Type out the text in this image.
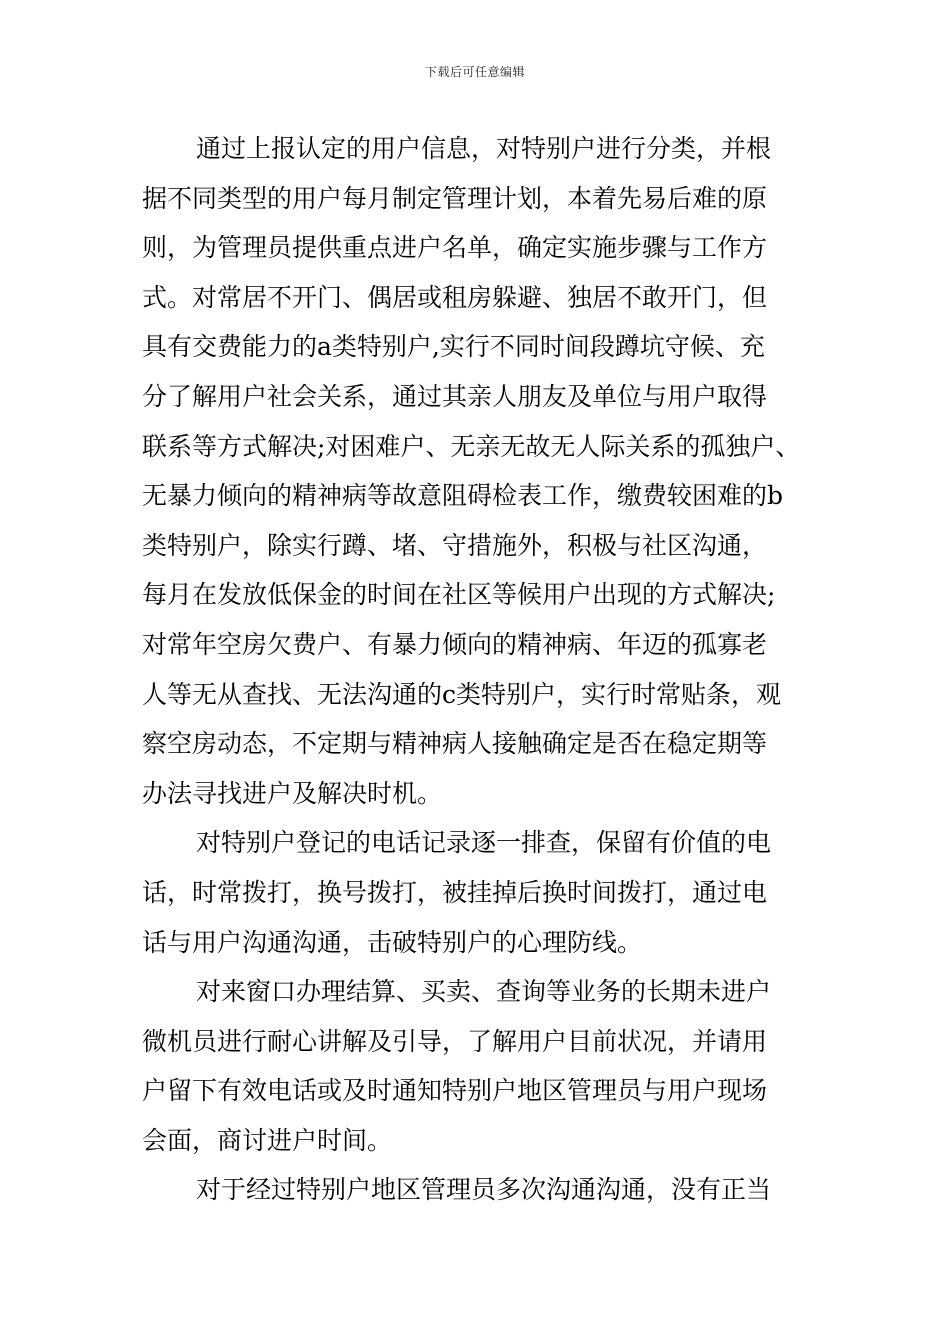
下载后可任意编辑
通过上报认定的用户信息，对特别户进行分类，并根
据不同类型的用户每月制定管理计划，本着先易后难的原
则，为管理员提供重点进户名单，确定实施步骤与工作方
式。对常居不开门、偶居或租房躲避、独居不敢开门，但
具有交费能力的a类特别户,实行不同时间段蹲坑守候、充
分了解用户社会关系，通过其亲人朋友及单位与用户取得
联系等方式解决;对困难户、无亲无故无人际关系的孤独户、
无暴力倾向的精神病等故意阻碍检表工作，缴费较困难的b
类特别户，除实行蹲、堵、守措施外，积极与社区沟通，
每月在发放低保金的时间在社区等候用户出现的方式解决;
对常年空房欠费户、有暴力倾向的精神病、年迈的孤寡老
人等无从查找、无法沟通的c类特别户，实行时常贴条，观
察空房动态，不定期与精神病人接触确定是否在稳定期等
办法寻找进户及解决时机。
对特别户登记的电话记录逐一排查，保留有价值的电
话，时常拨打，换号拨打，被挂掉后换时间拨打，通过电
话与用户沟通沟通，击破特别户的心理防线。
对来窗口办理结算、买卖、查询等业务的长期未进户
微机员进行耐心讲解及引导，了解用户目前状况，并请用
户留下有效电话或及时通知特别户地区管理员与用户现场
会面，商讨进户时间。
对于经过特别户地区管理员多次沟通沟通，没有正当
